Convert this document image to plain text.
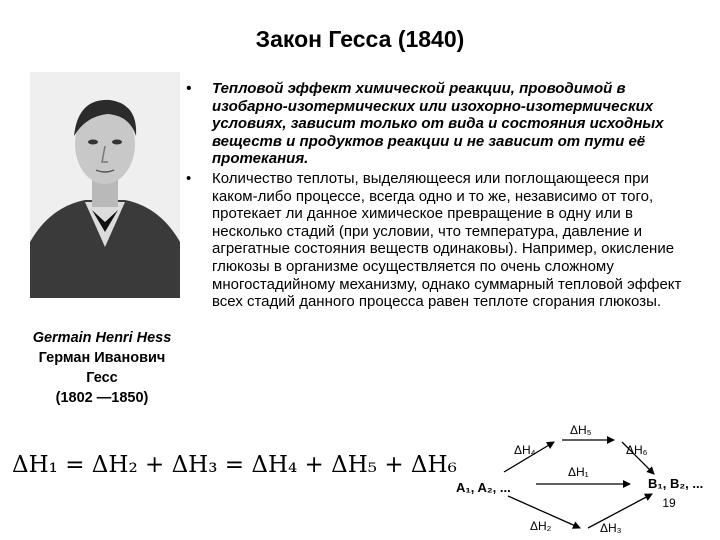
Закон Гесса (1840)
Germain Henri Hess
Герман Иванович
Гесс
(1802 —1850)
• Тепловой эффект химической реакции, проводимой в изобарно-изотермических или изохорно-изотермических условиях, зависит только от вида и состояния исходных веществ и продуктов реакции и не зависит от пути её протекания.
• Количество теплоты, выделяющееся или поглощающееся при каком-либо процессе, всегда одно и то же, независимо от того, протекает ли данное химическое превращение в одну или в несколько стадий (при условии, что температура, давление и агрегатные состояния веществ одинаковы). Например, окисление глюкозы в организме осуществляется по очень сложному многостадийному механизму, однако суммарный тепловой эффект всех стадий данного процесса равен теплоте сгорания глюкозы.
ΔH₁ = ΔH₂ + ΔH₃ = ΔH₄ + ΔH₅ + ΔH₆
ΔH₅
ΔH₄	ΔH₆
ΔH₁
A₁, A₂, ...	B₁, B₂, ...
ΔH₂	ΔH₃
19
